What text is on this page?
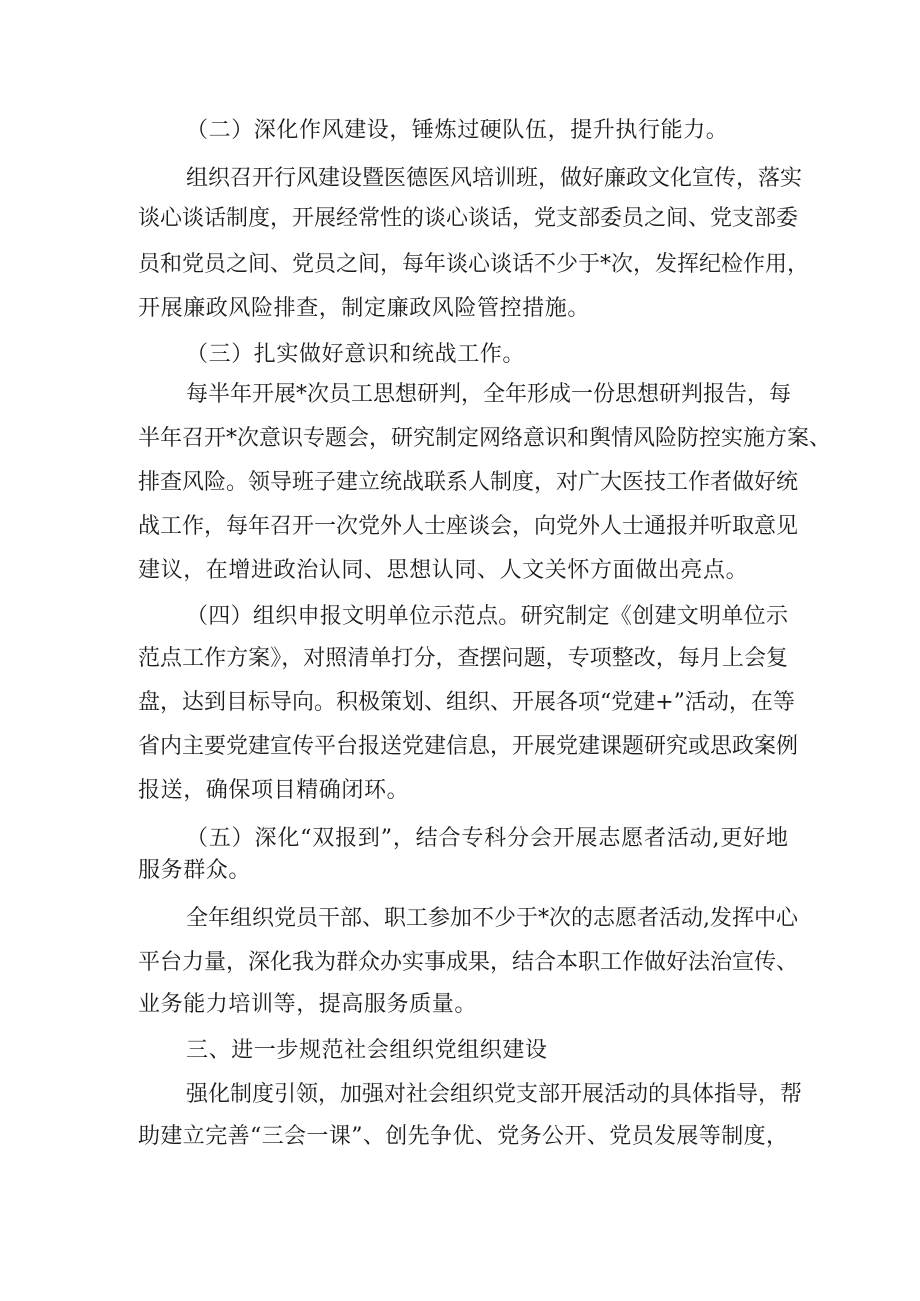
（二）深化作风建设，锤炼过硬队伍，提升执行能力。
组织召开行风建设暨医德医风培训班，做好廉政文化宣传，落实
谈心谈话制度，开展经常性的谈心谈话，党支部委员之间、党支部委
员和党员之间、党员之间，每年谈心谈话不少于*次，发挥纪检作用，
开展廉政风险排查，制定廉政风险管控措施。
（三）扎实做好意识和统战工作。
每半年开展*次员工思想研判，全年形成一份思想研判报告，每
半年召开*次意识专题会，研究制定网络意识和舆情风险防控实施方案、
排查风险。领导班子建立统战联系人制度，对广大医技工作者做好统
战工作，每年召开一次党外人士座谈会，向党外人士通报并听取意见
建议，在增进政治认同、思想认同、人文关怀方面做出亮点。
（四）组织申报文明单位示范点。研究制定《创建文明单位示
范点工作方案》，对照清单打分，查摆问题，专项整改，每月上会复
盘，达到目标导向。积极策划、组织、开展各项“党建+”活动，在等
省内主要党建宣传平台报送党建信息，开展党建课题研究或思政案例
报送，确保项目精确闭环。
（五）深化“双报到”，结合专科分会开展志愿者活动,更好地
服务群众。
全年组织党员干部、职工参加不少于*次的志愿者活动,发挥中心
平台力量，深化我为群众办实事成果，结合本职工作做好法治宣传、
业务能力培训等，提高服务质量。
三、进一步规范社会组织党组织建设
强化制度引领，加强对社会组织党支部开展活动的具体指导，帮
助建立完善“三会一课”、创先争优、党务公开、党员发展等制度，
